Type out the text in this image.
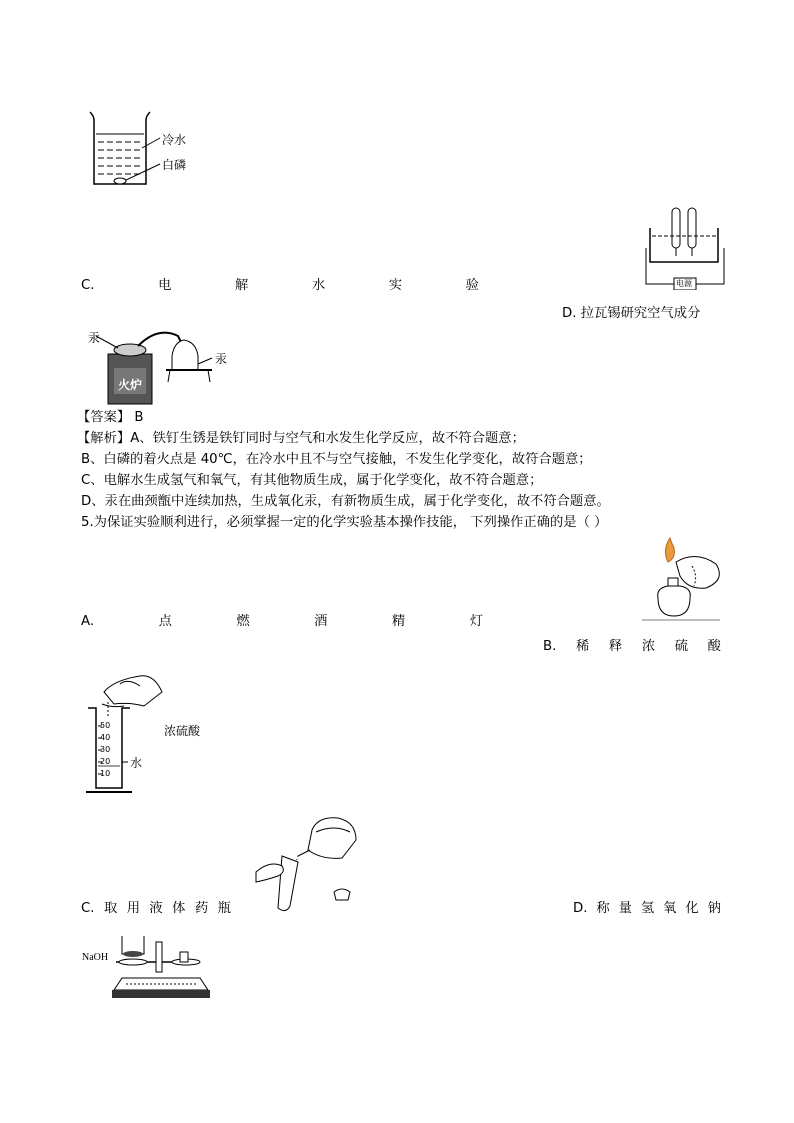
冷水
白磷
电源
C.	电	解	水	实	验
D. 拉瓦锡研究空气成分
汞
火炉
汞
【答案】 B
【解析】A、铁钉生锈是铁钉同时与空气和水发生化学反应，故不符合题意；
B、白磷的着火点是 40℃，在冷水中且不与空气接触，不发生化学变化，故符合题意；
C、电解水生成氢气和氧气，有其他物质生成，属于化学变化，故不符合题意；
D、汞在曲颈甑中连续加热，生成氧化汞，有新物质生成，属于化学变化，故不符合题意。
5.为保证实验顺利进行，必须掌握一定的化学实验基本操作技能， 下列操作正确的是（ ）
A.	点	燃	酒	精	灯
B. 稀 释 浓 硫 酸
50
40
30
20
10
浓硫酸
水
C. 取 用 液 体 药 瓶	D. 称 量 氢 氧 化 钠
NaOH
